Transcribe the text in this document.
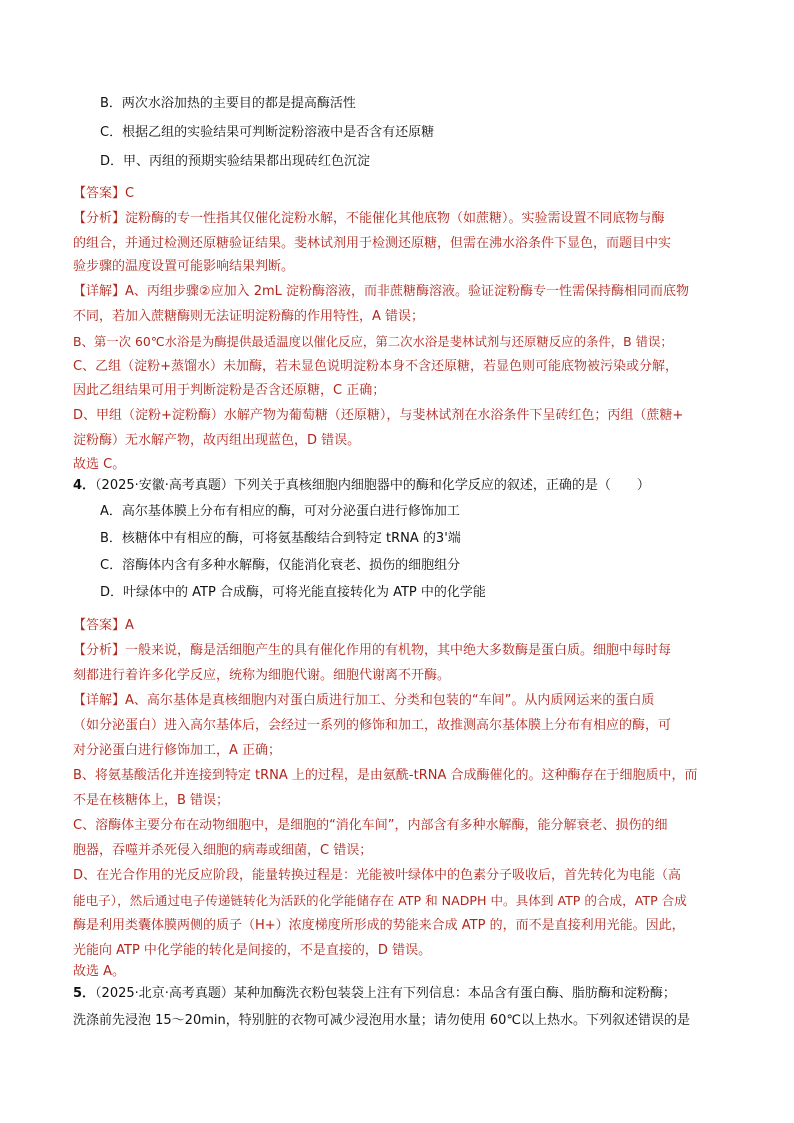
B．两次水浴加热的主要目的都是提高酶活性
C．根据乙组的实验结果可判断淀粉溶液中是否含有还原糖
D．甲、丙组的预期实验结果都出现砖红色沉淀
【答案】C
【分析】淀粉酶的专一性指其仅催化淀粉水解，不能催化其他底物（如蔗糖）。实验需设置不同底物与酶
的组合，并通过检测还原糖验证结果。斐林试剂用于检测还原糖，但需在沸水浴条件下显色，而题目中实
验步骤的温度设置可能影响结果判断。
【详解】A、丙组步骤②应加入 2mL 淀粉酶溶液，而非蔗糖酶溶液。验证淀粉酶专一性需保持酶相同而底物
不同，若加入蔗糖酶则无法证明淀粉酶的作用特性，A 错误；
B、第一次 60℃水浴是为酶提供最适温度以催化反应，第二次水浴是斐林试剂与还原糖反应的条件，B 错误；
C、乙组（淀粉+蒸馏水）未加酶，若未显色说明淀粉本身不含还原糖，若显色则可能底物被污染或分解，
因此乙组结果可用于判断淀粉是否含还原糖，C 正确；
D、甲组（淀粉+淀粉酶）水解产物为葡萄糖（还原糖），与斐林试剂在水浴条件下呈砖红色；丙组（蔗糖+
淀粉酶）无水解产物，故丙组出现蓝色，D 错误。
故选 C。
4．（2025·安徽·高考真题）下列关于真核细胞内细胞器中的酶和化学反应的叙述，正确的是（　　）
A．高尔基体膜上分布有相应的酶，可对分泌蛋白进行修饰加工
B．核糖体中有相应的酶，可将氨基酸结合到特定 tRNA 的3'端
C．溶酶体内含有多种水解酶，仅能消化衰老、损伤的细胞组分
D．叶绿体中的 ATP 合成酶，可将光能直接转化为 ATP 中的化学能
【答案】A
【分析】一般来说，酶是活细胞产生的具有催化作用的有机物，其中绝大多数酶是蛋白质。细胞中每时每
刻都进行着许多化学反应，统称为细胞代谢。细胞代谢离不开酶。
【详解】A、高尔基体是真核细胞内对蛋白质进行加工、分类和包装的“车间”。从内质网运来的蛋白质
（如分泌蛋白）进入高尔基体后，会经过一系列的修饰和加工，故推测高尔基体膜上分布有相应的酶，可
对分泌蛋白进行修饰加工，A 正确；
B、将氨基酸活化并连接到特定 tRNA 上的过程，是由氨酰-tRNA 合成酶催化的。这种酶存在于细胞质中，而
不是在核糖体上，B 错误；
C、溶酶体主要分布在动物细胞中，是细胞的“消化车间”，内部含有多种水解酶，能分解衰老、损伤的细
胞器，吞噬并杀死侵入细胞的病毒或细菌，C 错误；
D、在光合作用的光反应阶段，能量转换过程是：光能被叶绿体中的色素分子吸收后，首先转化为电能（高
能电子），然后通过电子传递链转化为活跃的化学能储存在 ATP 和 NADPH 中。具体到 ATP 的合成，ATP 合成
酶是利用类囊体膜两侧的质子（H+）浓度梯度所形成的势能来合成 ATP 的，而不是直接利用光能。因此，
光能向 ATP 中化学能的转化是间接的，不是直接的，D 错误。
故选 A。
5．（2025·北京·高考真题）某种加酶洗衣粉包装袋上注有下列信息：本品含有蛋白酶、脂肪酶和淀粉酶；
洗涤前先浸泡 15～20min，特别脏的衣物可减少浸泡用水量；请勿使用 60℃以上热水。下列叙述错误的是
